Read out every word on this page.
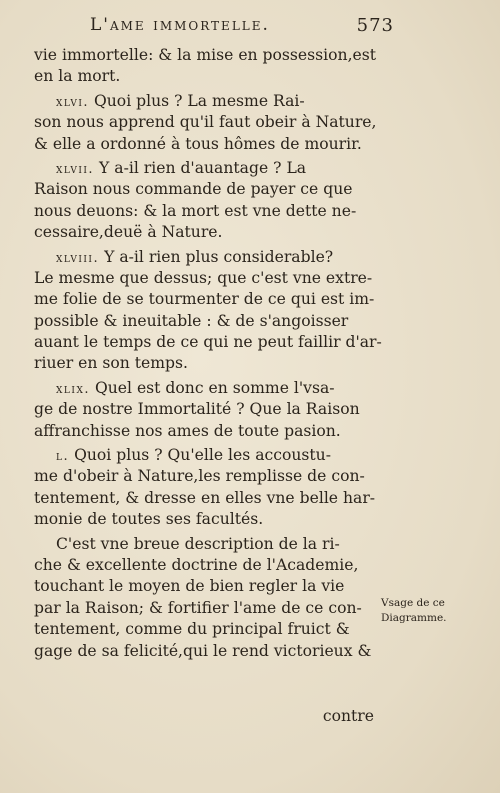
L'ame immortelle.	573
vie immortelle: & la mise en possession,est
en la mort.
xlvi. Quoi plus ? La mesme Rai-
son nous apprend qu'il faut obeir à Nature,
& elle a ordonné à tous hômes de mourir.
xlvii. Y a-il rien d'auantage ? La
Raison nous commande de payer ce que
nous deuons: & la mort est vne dette ne-
cessaire,deuë à Nature.
xlviii. Y a-il rien plus considerable?
Le mesme que dessus; que c'est vne extre-
me folie de se tourmenter de ce qui est im-
possible & ineuitable : & de s'angoisser
auant le temps de ce qui ne peut faillir d'ar-
riuer en son temps.
xlix. Quel est donc en somme l'vsa-
ge de nostre Immortalité ? Que la Raison
affranchisse nos ames de toute pasion.
l. Quoi plus ? Qu'elle les accoustu-
me d'obeir à Nature,les remplisse de con-
tentement, & dresse en elles vne belle har-
monie de toutes ses facultés.
C'est vne breue description de la ri-
che & excellente doctrine de l'Academie,
touchant le moyen de bien regler la vie
par la Raison; & fortifier l'ame de ce con-
tentement, comme du principal fruict &
gage de sa felicité,qui le rend victorieux &
Vsage de ce Diagramme.
contre
